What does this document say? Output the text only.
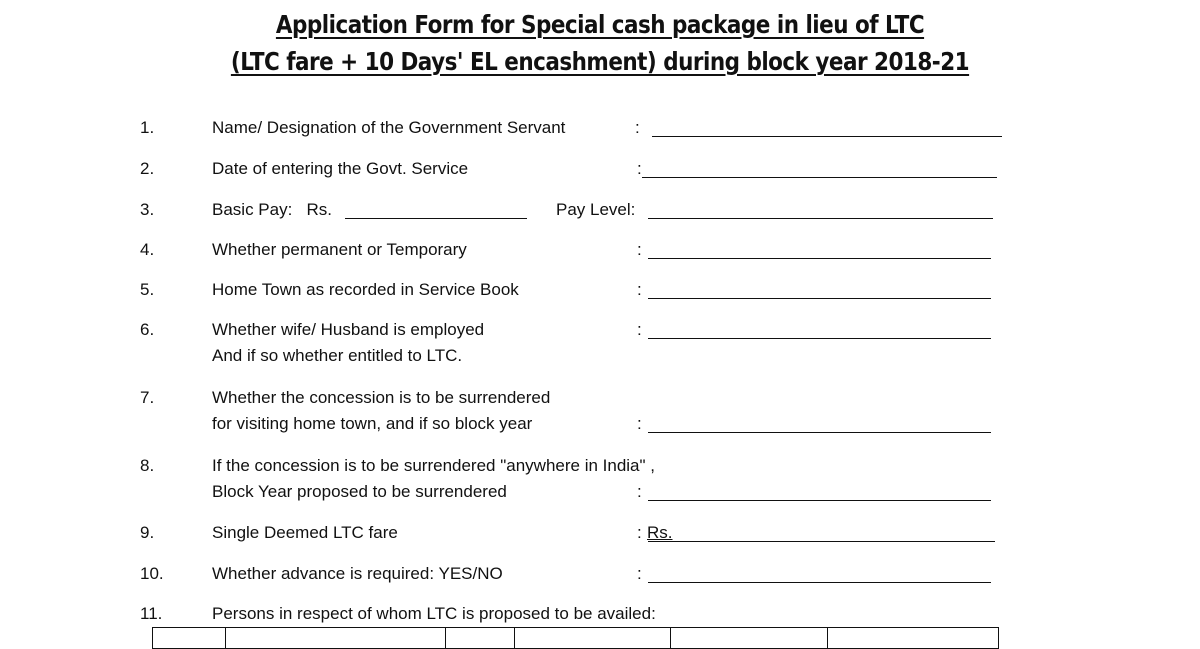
Application Form for Special cash package in lieu of LTC
(LTC fare + 10 Days' EL encashment) during block year 2018-21
1.	Name/ Designation of the Government Servant	:
2.	Date of entering the Govt. Service	:
3.	Basic Pay:   Rs.	Pay Level:
4.	Whether permanent or Temporary	:
5.	Home Town as recorded in Service Book	:
6.	Whether wife/ Husband is employed
And if so whether entitled to LTC.
:
7.	Whether the concession is to be surrendered
for visiting home town, and if so block year	:
8.	If the concession is to be surrendered "anywhere in India" ,
Block Year proposed to be surrendered	:
9.	Single Deemed LTC fare	: Rs.
10.	Whether advance is required: YES/NO	:
11.	Persons in respect of whom LTC is proposed to be availed:
